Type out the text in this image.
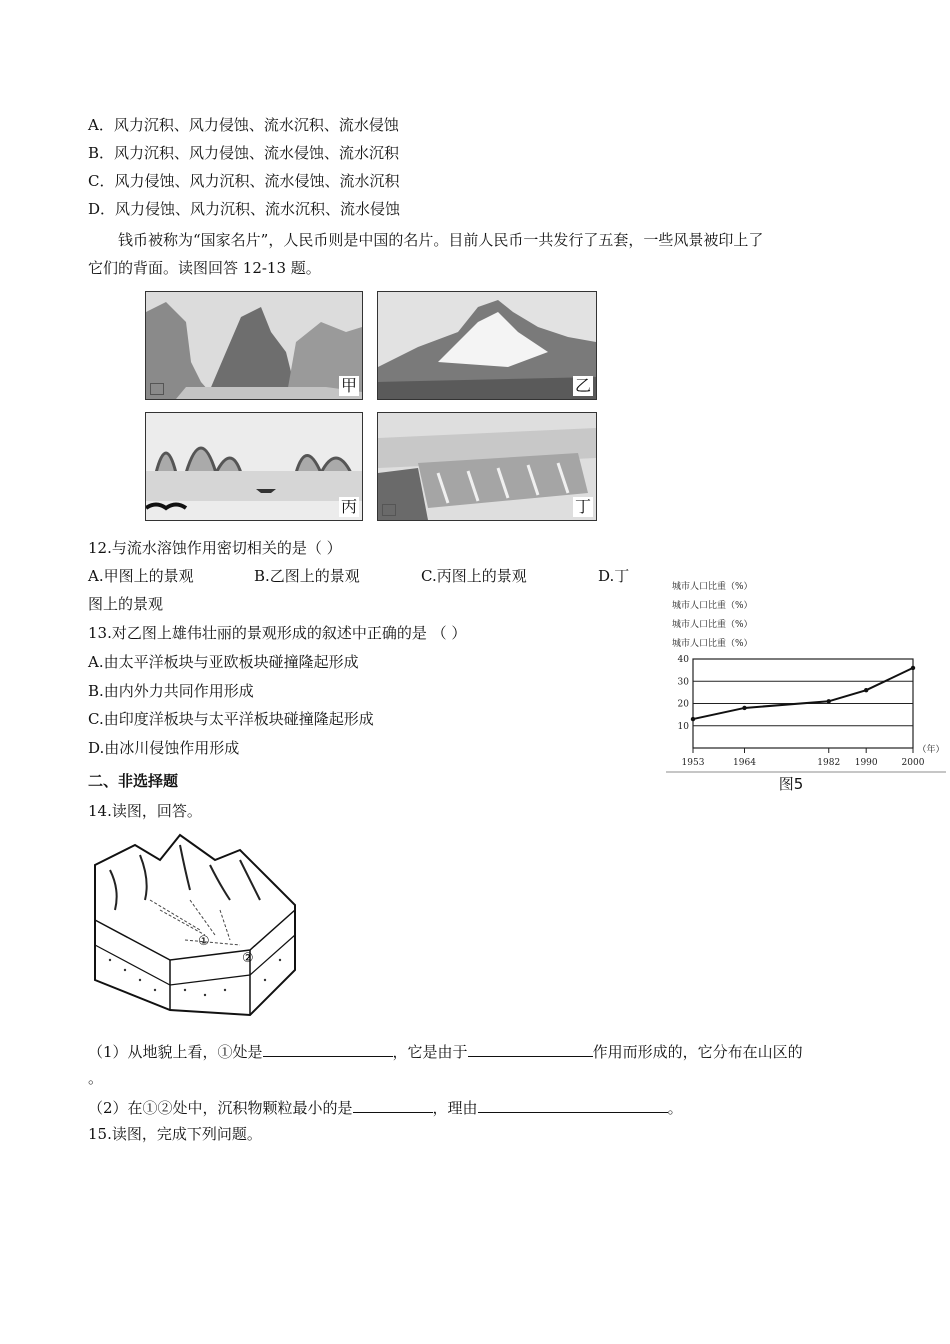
A．风力沉积、风力侵蚀、流水沉积、流水侵蚀
B．风力沉积、风力侵蚀、流水侵蚀、流水沉积
C．风力侵蚀、风力沉积、流水侵蚀、流水沉积
D．风力侵蚀、风力沉积、流水沉积、流水侵蚀
钱币被称为“国家名片”，人民币则是中国的名片。目前人民币一共发行了五套，一些风景被印上了
它们的背面。读图回答 12-13 题。
甲	乙
丙	丁
12.与流水溶蚀作用密切相关的是（ ）
A.甲图上的景观	B.乙图上的景观	C.丙图上的景观	D.丁
图上的景观
13.对乙图上雄伟壮丽的景观形成的叙述中正确的是 （ ）
A.由太平洋板块与亚欧板块碰撞隆起形成
B.由内外力共同作用形成
C.由印度洋板块与太平洋板块碰撞隆起形成
D.由冰川侵蚀作用形成
城市人口比重（%）
城市人口比重（%）
城市人口比重（%）
城市人口比重（%）
10
20
30
40
1953	1964	1982 1990	2000
（年）
图5
二、非选择题
14.读图，回答。
①
②
（1）从地貌上看，①处是	，它是由于	作用而形成的，它分布在山区的
。
（2）在①②处中，沉积物颗粒最小的是	，理由	。
15.读图，完成下列问题。
